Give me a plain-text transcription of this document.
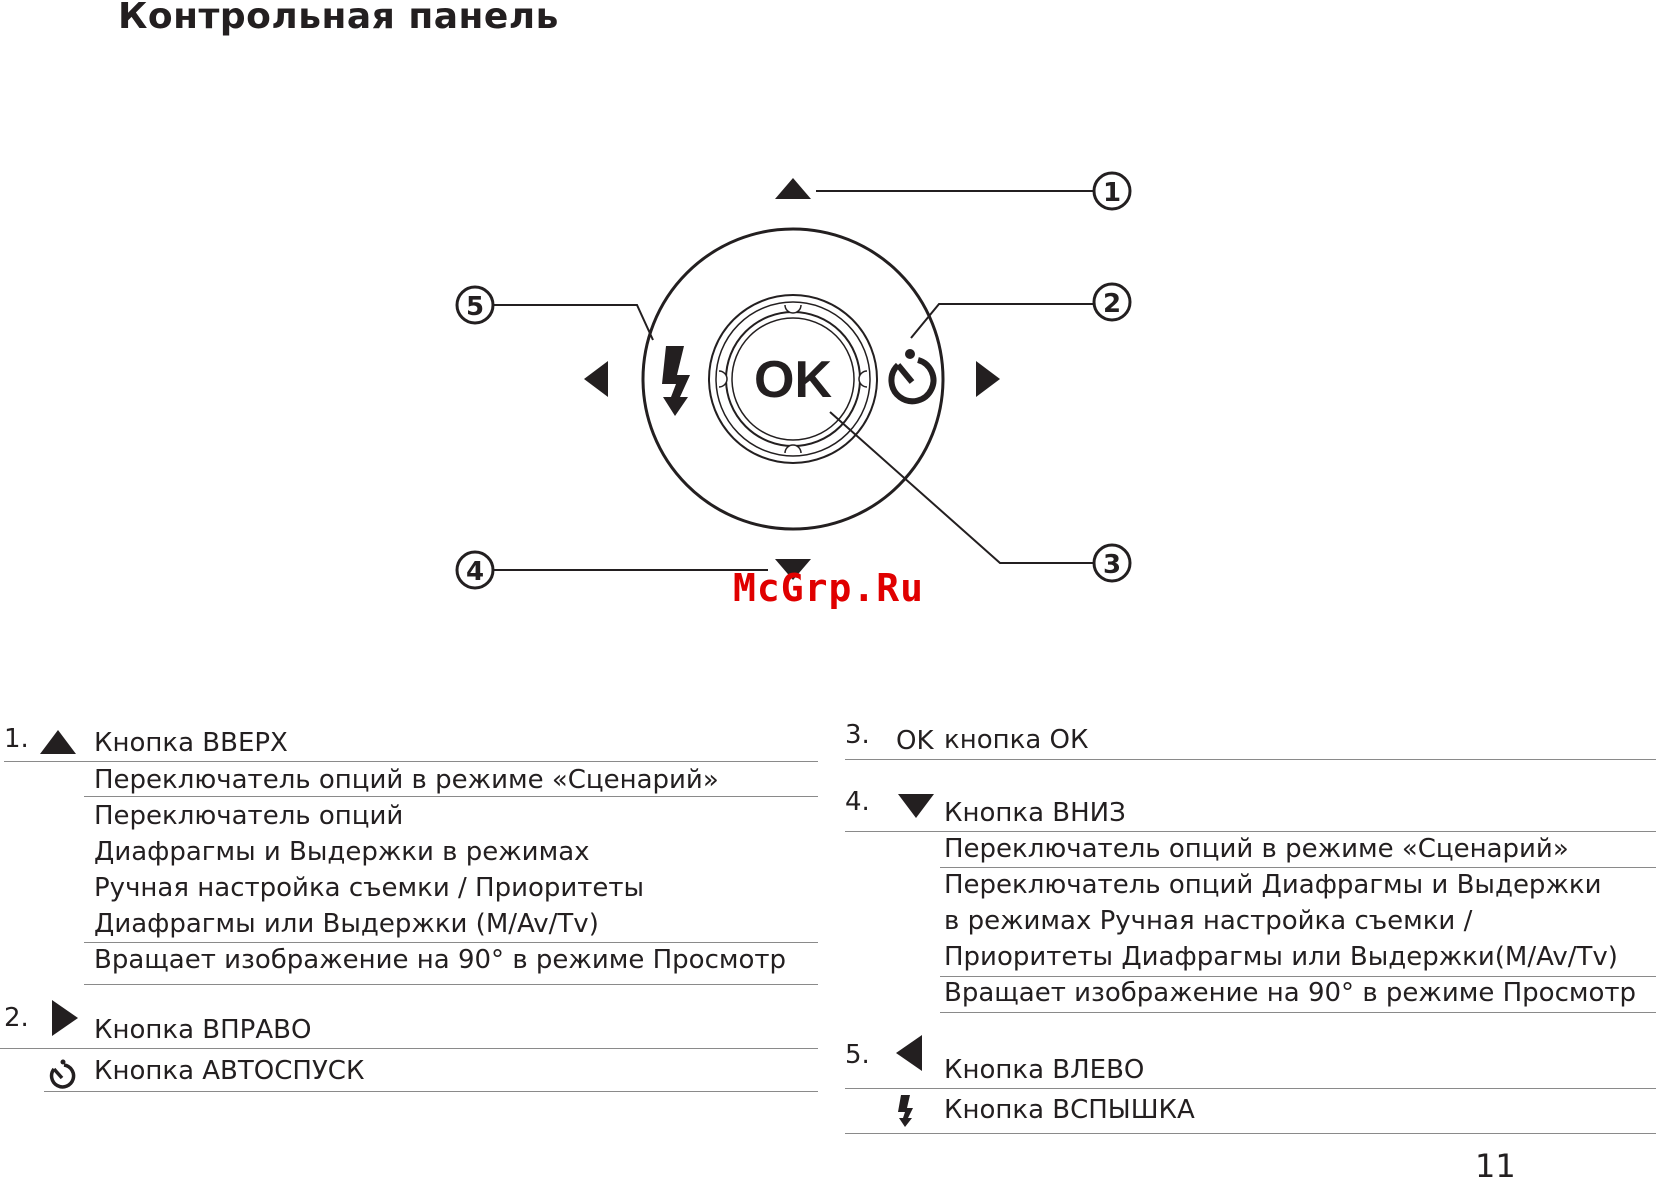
Контрольная панель
OK
1
2
3
4
5
McGrp.Ru
1.	Кнопка ВВЕРХ
Переключатель опций в режиме «Сценарий»
Переключатель опций
Диафрагмы и Выдержки в режимах
Ручная настройка съемки / Приоритеты
Диафрагмы или Выдержки (M/Av/Tv)
Вращает изображение на 90° в режиме Просмотр
2.	Кнопка ВПРАВО
Кнопка АВТОСПУСК
3. OK кнопка ОК
4.	Кнопка ВНИЗ
Переключатель опций в режиме «Сценарий»
Переключатель опций Диафрагмы и Выдержки
в режимах Ручная настройка съемки /
Приоритеты Диафрагмы или Выдержки(M/Av/Tv)
Вращает изображение на 90° в режиме Просмотр
5.	Кнопка ВЛЕВО
Кнопка ВСПЫШКА
11
